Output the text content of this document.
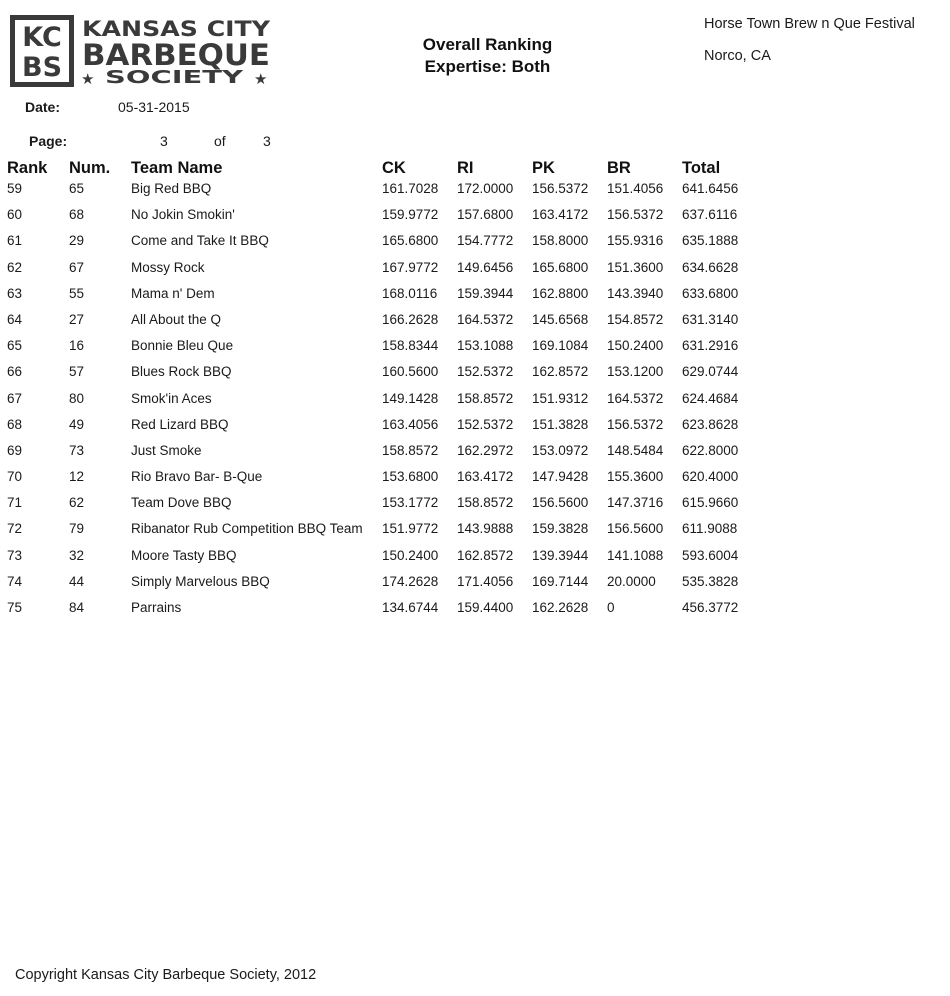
KC
BS
KANSAS CITY
BARBEQUE
★ SOCIETY ★
Overall Ranking
Expertise: Both
Horse Town Brew n Que Festival
Norco, CA
Date:	05-31-2015
Page:	3	of	3
Rank Num. Team Name	CK	RI	PK	BR	Total
59	65	Big Red BBQ	161.7028 172.0000 156.5372 151.4056 641.6456
60	68	No Jokin Smokin'	159.9772 157.6800 163.4172 156.5372 637.6116
61	29	Come and Take It BBQ	165.6800 154.7772 158.8000 155.9316 635.1888
62	67	Mossy Rock	167.9772 149.6456 165.6800 151.3600 634.6628
63	55	Mama n' Dem	168.0116 159.3944 162.8800 143.3940 633.6800
64	27	All About the Q	166.2628 164.5372 145.6568 154.8572 631.3140
65	16	Bonnie Bleu Que	158.8344 153.1088 169.1084 150.2400 631.2916
66	57	Blues Rock BBQ	160.5600 152.5372 162.8572 153.1200 629.0744
67	80	Smok'in Aces	149.1428 158.8572 151.9312 164.5372 624.4684
68	49	Red Lizard BBQ	163.4056 152.5372 151.3828 156.5372 623.8628
69	73	Just Smoke	158.8572 162.2972 153.0972 148.5484 622.8000
70	12	Rio Bravo Bar- B-Que	153.6800 163.4172 147.9428 155.3600 620.4000
71	62	Team Dove BBQ	153.1772 158.8572 156.5600 147.3716 615.9660
72	79	Ribanator Rub Competition BBQ Team 151.9772 143.9888 159.3828 156.5600 611.9088
73	32	Moore Tasty BBQ	150.2400 162.8572 139.3944 141.1088 593.6004
74	44	Simply Marvelous BBQ	174.2628 171.4056 169.7144 20.0000 535.3828
75	84	Parrains	134.6744 159.4400 162.2628 0	456.3772
Copyright Kansas City Barbeque Society, 2012
